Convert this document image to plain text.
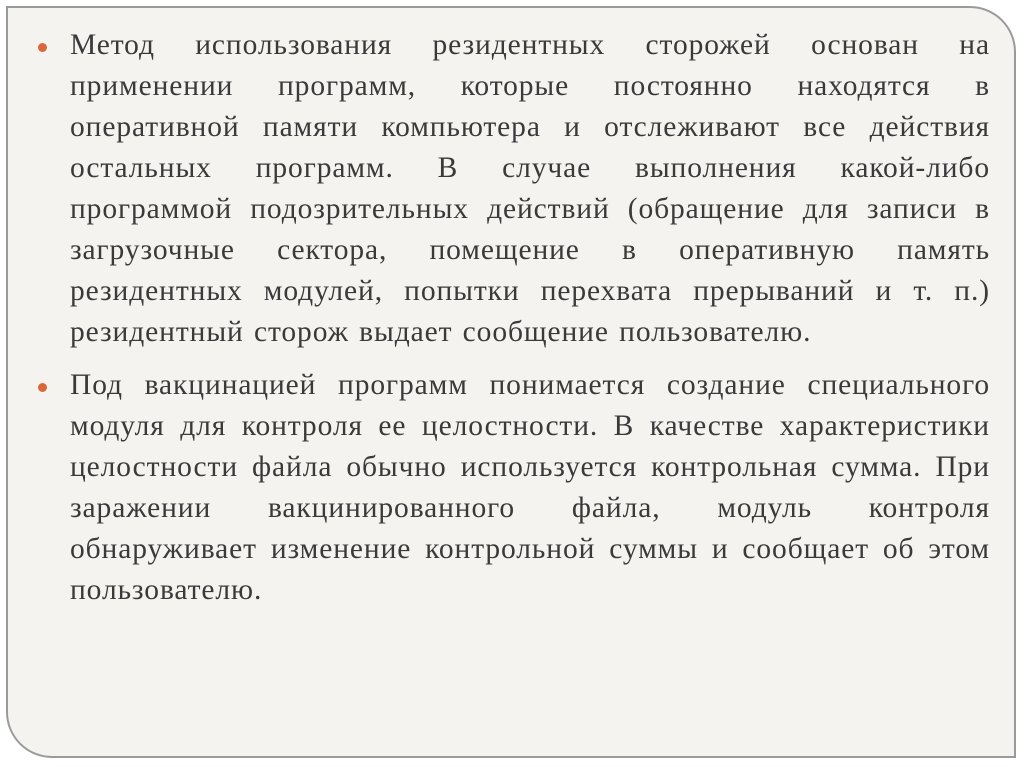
Метод использования резидентных сторожей основан на применении программ, которые постоянно находятся в оперативной памяти компьютера и отслеживают все действия остальных программ. В случае выполнения какой-либо программой подозрительных действий (обращение для записи в загрузочные сектора, помещение в оперативную память резидентных модулей, попытки перехвата прерываний и т. п.) резидентный сторож выдает сообщение пользователю.
Под вакцинацией программ понимается создание специального модуля для контроля ее целостности. В качестве характеристики целостности файла обычно используется контрольная сумма. При заражении вакцинированного файла, модуль контроля обнаруживает изменение контрольной суммы и сообщает об этом пользователю.
